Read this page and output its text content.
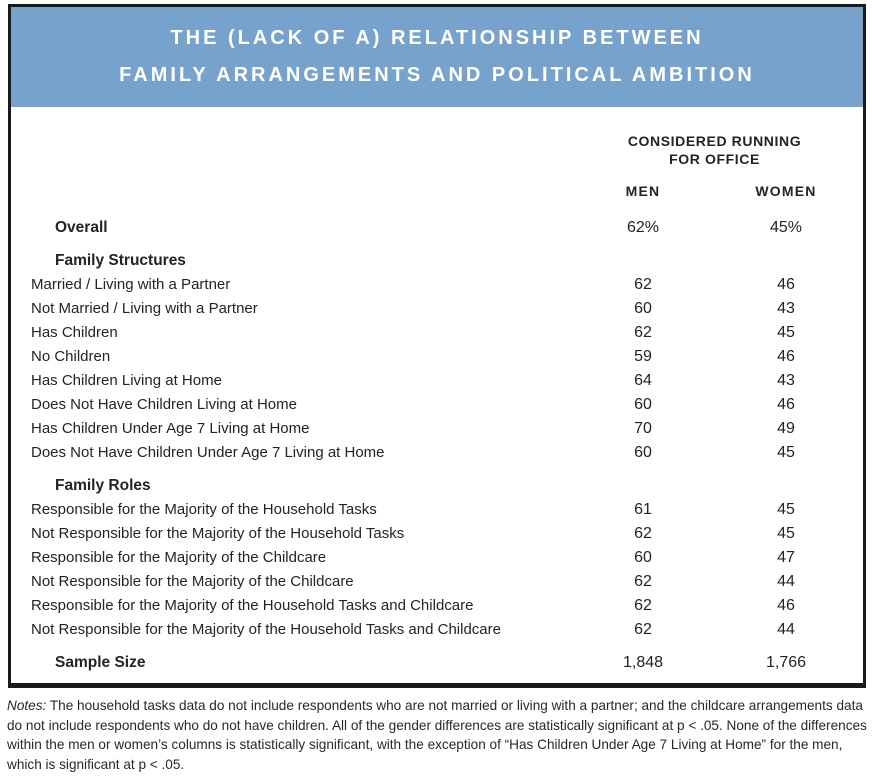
THE (LACK OF A) RELATIONSHIP BETWEEN
FAMILY ARRANGEMENTS AND POLITICAL AMBITION
CONSIDERED RUNNING
FOR OFFICE
MEN	WOMEN
Overall	62%	45%
Family Structures
Married / Living with a Partner	62	46
Not Married / Living with a Partner	60	43
Has Children	62	45
No Children	59	46
Has Children Living at Home	64	43
Does Not Have Children Living at Home	60	46
Has Children Under Age 7 Living at Home	70	49
Does Not Have Children Under Age 7 Living at Home	60	45
Family Roles
Responsible for the Majority of the Household Tasks	61	45
Not Responsible for the Majority of the Household Tasks	62	45
Responsible for the Majority of the Childcare	60	47
Not Responsible for the Majority of the Childcare	62	44
Responsible for the Majority of the Household Tasks and Childcare	62	46
Not Responsible for the Majority of the Household Tasks and Childcare	62	44
Sample Size	1,848	1,766
Notes: The household tasks data do not include respondents who are not married or living with a partner; and the childcare arrangements data do not include respondents who do not have children. All of the gender differences are statistically significant at p < .05. None of the differences within the men or women’s columns is statistically significant, with the exception of “Has Children Under Age 7 Living at Home” for the men, which is significant at p < .05.
